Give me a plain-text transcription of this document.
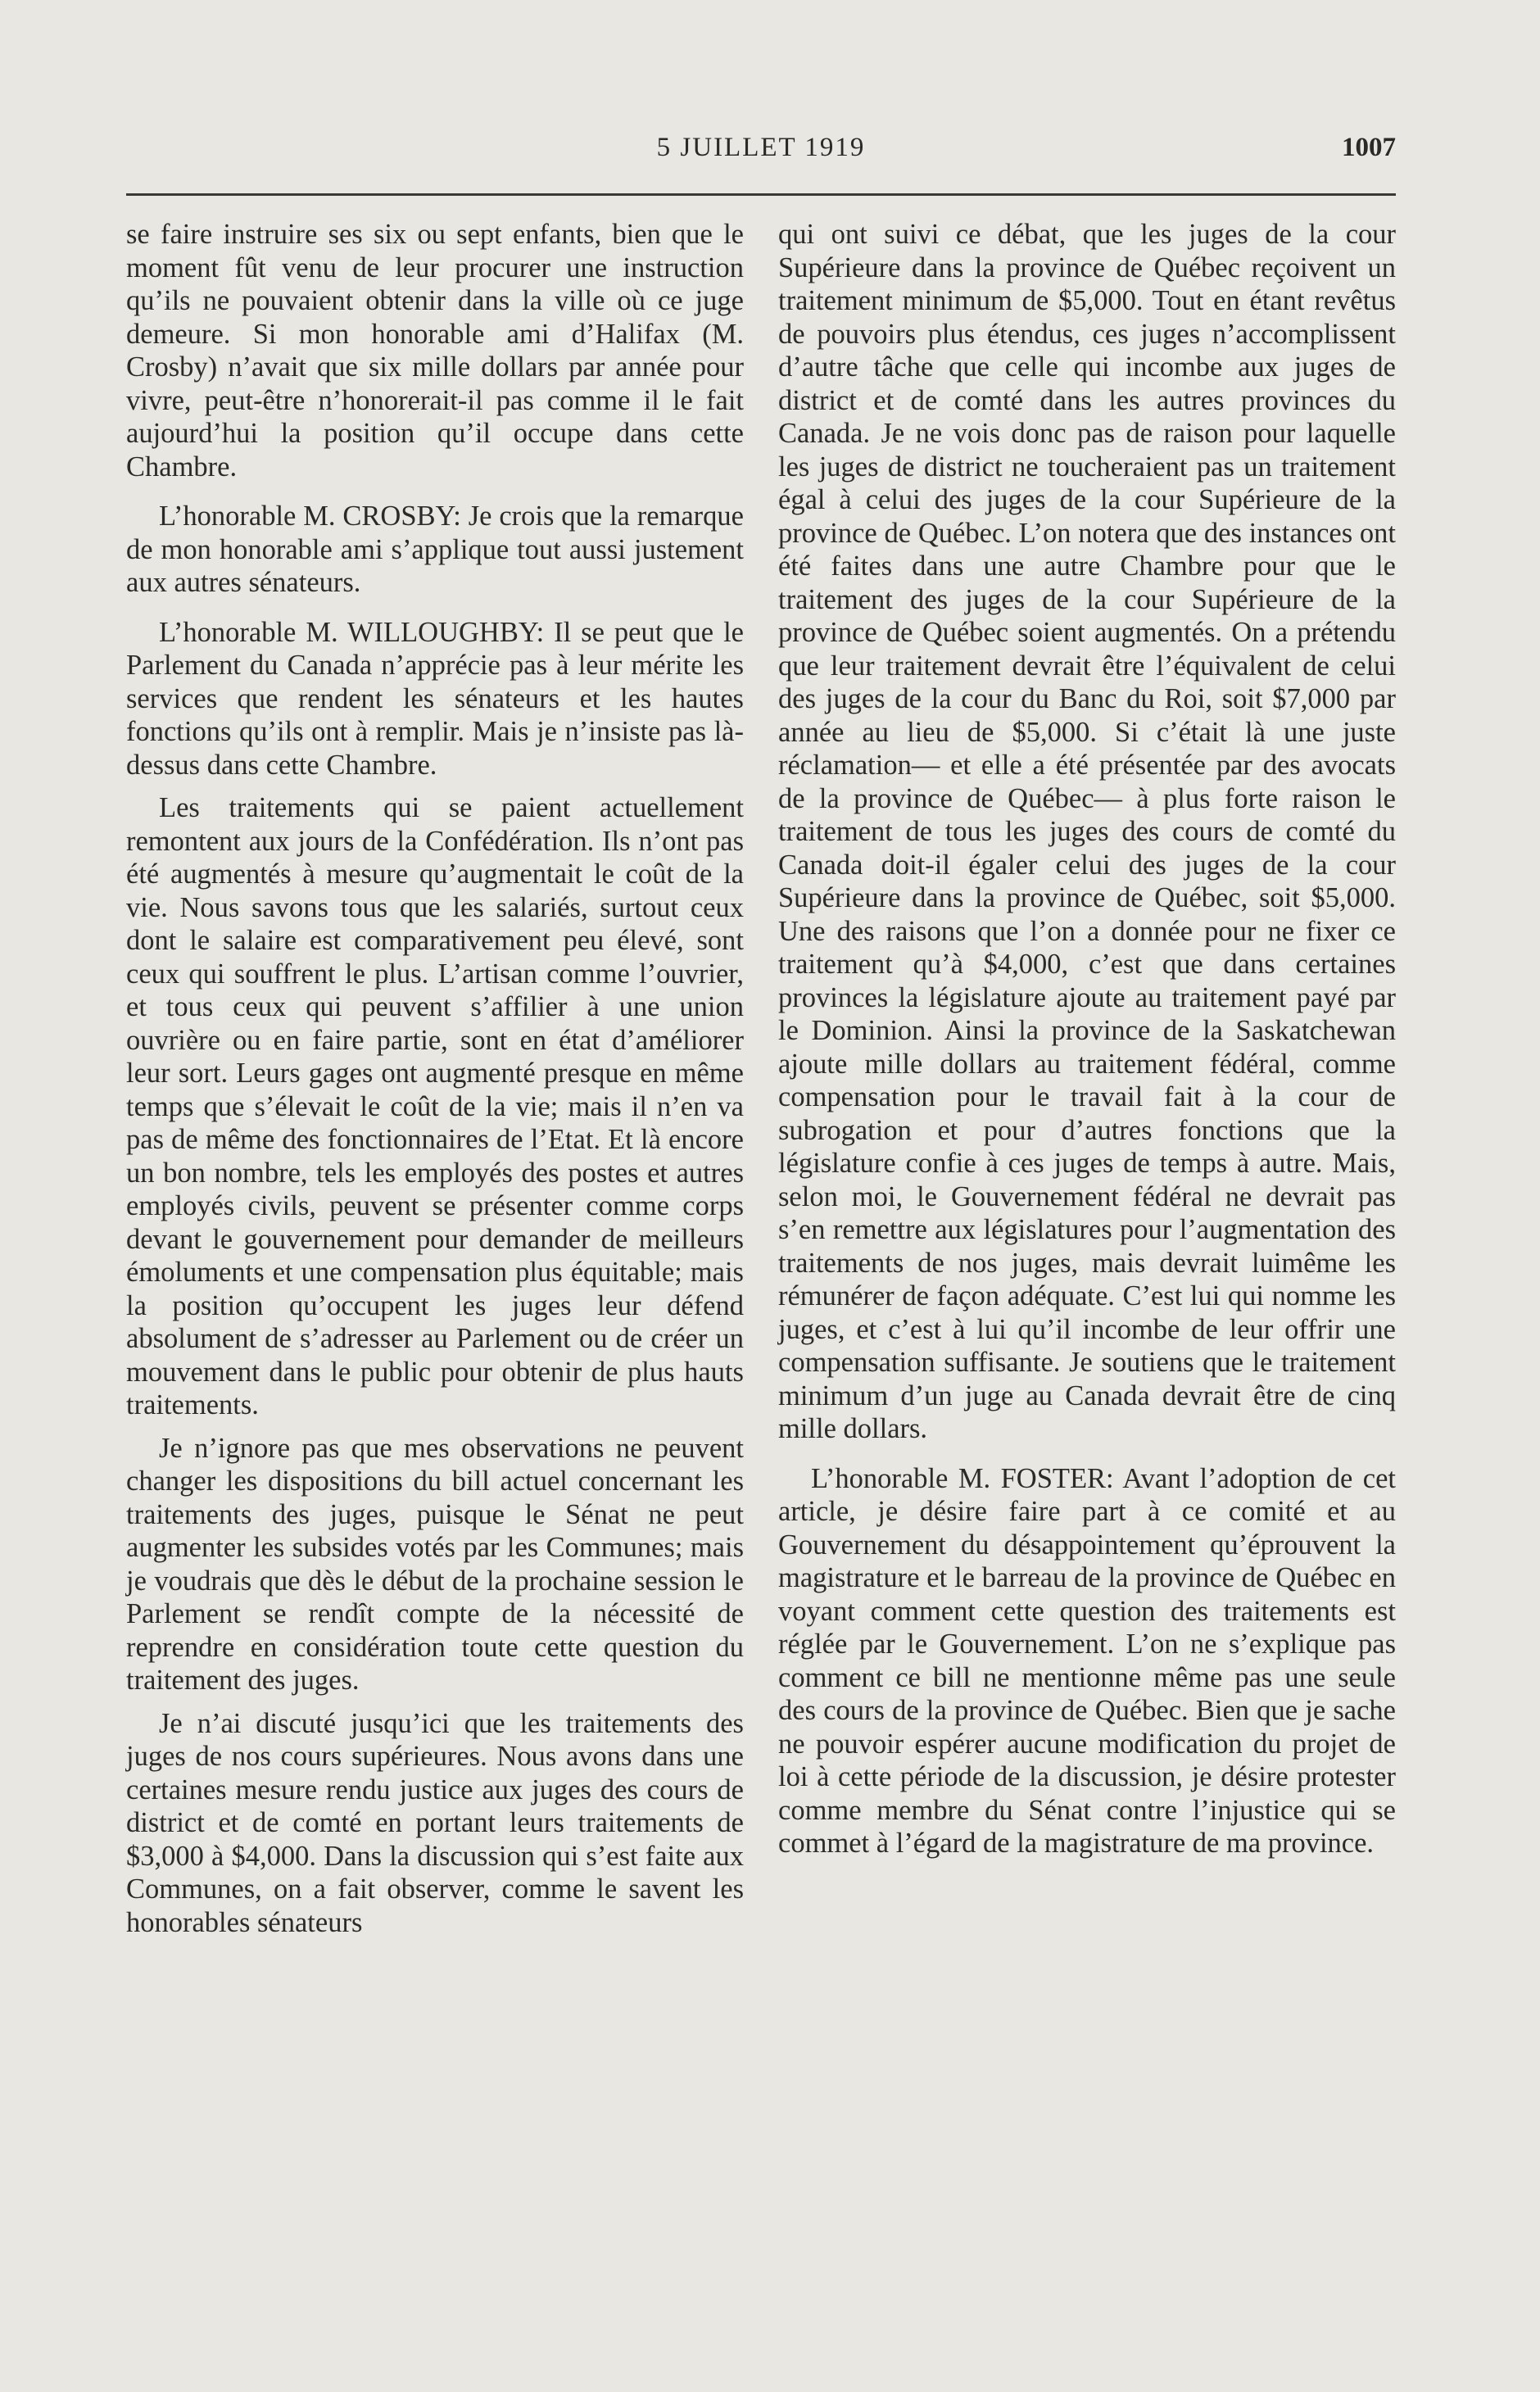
5 JUILLET 1919	1007

se faire instruire ses six ou sept enfants, bien que le moment fût venu de leur procurer une instruction qu’ils ne pouvaient obtenir dans la ville où ce juge demeure. Si mon honorable ami d’Halifax (M. Crosby) n’avait que six mille dollars par année pour vivre, peut-être n’honorerait-il pas comme il le fait aujourd’hui la position qu’il occupe dans cette Chambre.

L’honorable M. CROSBY: Je crois que la remarque de mon honorable ami s’applique tout aussi justement aux autres sénateurs.

L’honorable M. WILLOUGHBY: Il se peut que le Parlement du Canada n’apprécie pas à leur mérite les services que rendent les sénateurs et les hautes fonctions qu’ils ont à remplir. Mais je n’insiste pas là-dessus dans cette Chambre.

Les traitements qui se paient actuellement remontent aux jours de la Confédération. Ils n’ont pas été augmentés à mesure qu’augmentait le coût de la vie. Nous savons tous que les salariés, surtout ceux dont le salaire est comparativement peu élevé, sont ceux qui souffrent le plus. L’artisan comme l’ouvrier, et tous ceux qui peuvent s’affilier à une union ouvrière ou en faire partie, sont en état d’améliorer leur sort. Leurs gages ont augmenté presque en même temps que s’élevait le coût de la vie; mais il n’en va pas de même des fonctionnaires de l’Etat. Et là encore un bon nombre, tels les employés des postes et autres employés civils, peuvent se présenter comme corps devant le gouvernement pour demander de meilleurs émoluments et une compensation plus équitable; mais la position qu’occupent les juges leur défend absolument de s’adresser au Parlement ou de créer un mouvement dans le public pour obtenir de plus hauts traitements.

Je n’ignore pas que mes observations ne peuvent changer les dispositions du bill actuel concernant les traitements des juges, puisque le Sénat ne peut augmenter les subsides votés par les Communes; mais je voudrais que dès le début de la prochaine session le Parlement se rendît compte de la nécessité de reprendre en considération toute cette question du traitement des juges.

Je n’ai discuté jusqu’ici que les traitements des juges de nos cours supérieures. Nous avons dans une certaines mesure rendu justice aux juges des cours de district et de comté en portant leurs traitements de $3,000 à $4,000. Dans la discussion qui s’est faite aux Communes, on a fait observer, comme le savent les honorables sénateurs

qui ont suivi ce débat, que les juges de la cour Supérieure dans la province de Québec reçoivent un traitement minimum de $5,000. Tout en étant revêtus de pouvoirs plus étendus, ces juges n’accomplissent d’autre tâche que celle qui incombe aux juges de district et de comté dans les autres provinces du Canada. Je ne vois donc pas de raison pour laquelle les juges de district ne toucheraient pas un traitement égal à celui des juges de la cour Supérieure de la province de Québec. L’on notera que des instances ont été faites dans une autre Chambre pour que le traitement des juges de la cour Supérieure de la province de Québec soient augmentés. On a prétendu que leur traitement devrait être l’équivalent de celui des juges de la cour du Banc du Roi, soit $7,000 par année au lieu de $5,000. Si c’était là une juste réclamation— et elle a été présentée par des avocats de la province de Québec— à plus forte raison le traitement de tous les juges des cours de comté du Canada doit-il égaler celui des juges de la cour Supérieure dans la province de Québec, soit $5,000. Une des raisons que l’on a donnée pour ne fixer ce traitement qu’à $4,000, c’est que dans certaines provinces la législature ajoute au traitement payé par le Dominion. Ainsi la province de la Saskatchewan ajoute mille dollars au traitement fédéral, comme compensation pour le travail fait à la cour de subrogation et pour d’autres fonctions que la législature confie à ces juges de temps à autre. Mais, selon moi, le Gouvernement fédéral ne devrait pas s’en remettre aux législatures pour l’augmentation des traitements de nos juges, mais devrait luimême les rémunérer de façon adéquate. C’est lui qui nomme les juges, et c’est à lui qu’il incombe de leur offrir une compensation suffisante. Je soutiens que le traitement minimum d’un juge au Canada devrait être de cinq mille dollars.

L’honorable M. FOSTER: Avant l’adoption de cet article, je désire faire part à ce comité et au Gouvernement du désappointement qu’éprouvent la magistrature et le barreau de la province de Québec en voyant comment cette question des traitements est réglée par le Gouvernement. L’on ne s’explique pas comment ce bill ne mentionne même pas une seule des cours de la province de Québec. Bien que je sache ne pouvoir espérer aucune modification du projet de loi à cette période de la discussion, je désire protester comme membre du Sénat contre l’injustice qui se commet à l’égard de la magistrature de ma province.
